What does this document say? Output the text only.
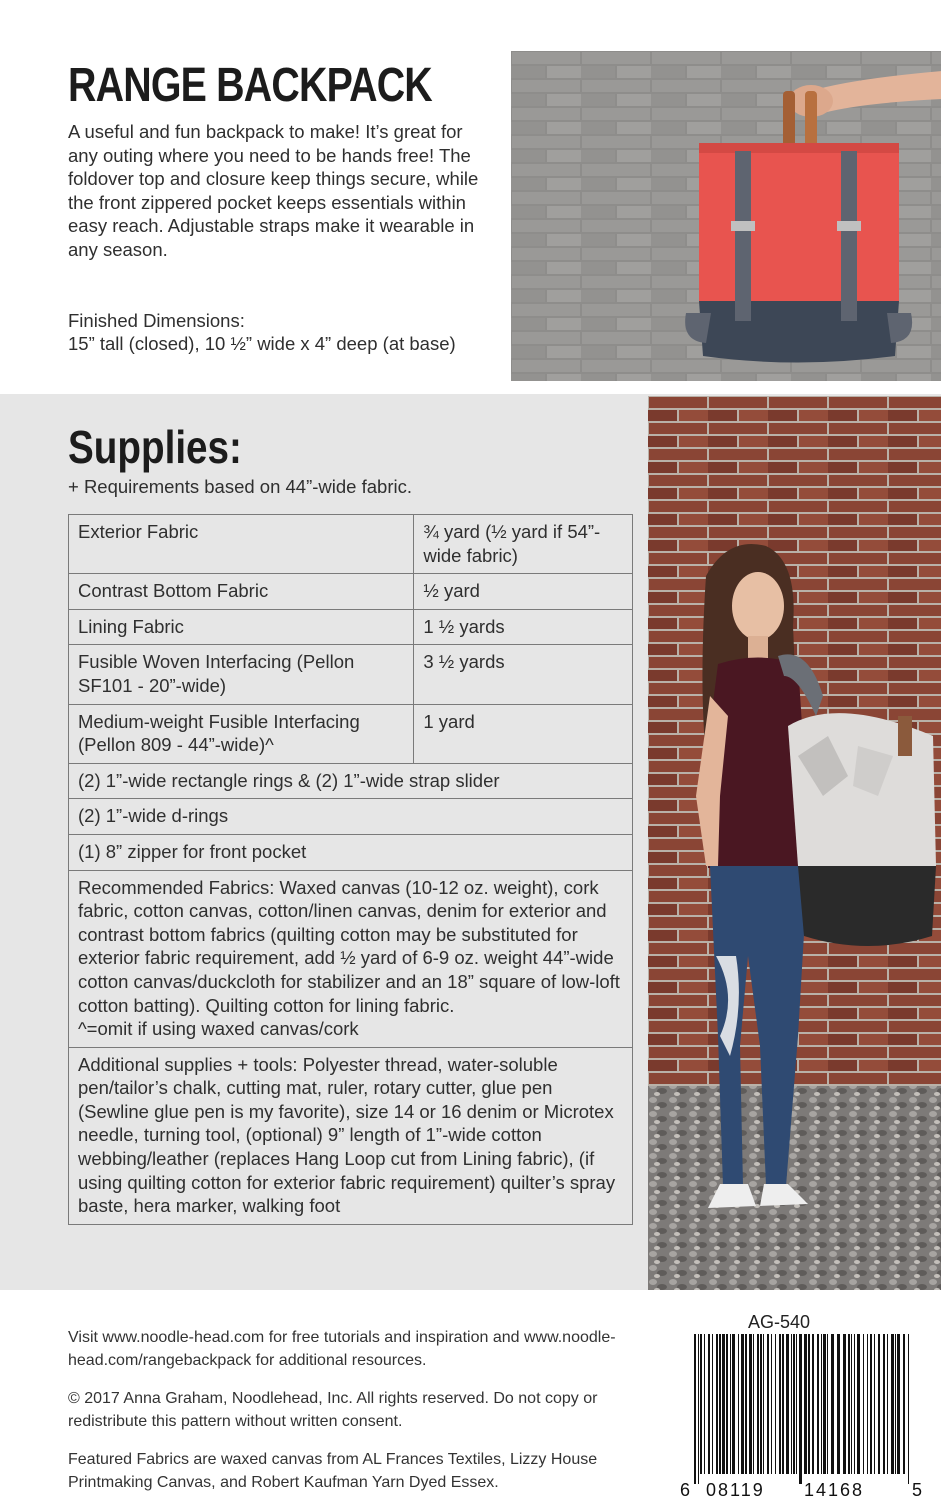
RANGE BACKPACK

A useful and fun backpack to make! It’s great for any outing where you need to be hands free! The foldover top and closure keep things secure, while the front zippered pocket keeps essentials within easy reach. Adjustable straps make it wearable in any season.

Finished Dimensions:

15” tall (closed), 10 ½” wide x 4” deep (at base)

Supplies:

+ Requirements based on 44”-wide fabric.

Exterior Fabric	¾ yard (½ yard if 54”-wide fabric)
Contrast Bottom Fabric	½ yard
Lining Fabric	1 ½ yards
Fusible Woven Interfacing (Pellon SF101 - 20”-wide)	3 ½ yards
Medium-weight Fusible Interfacing (Pellon 809 - 44”-wide)^	1 yard
(2) 1”-wide rectangle rings & (2) 1”-wide strap slider	
(2) 1”-wide d-rings	
(1) 8” zipper for front pocket	

Recommended Fabrics: Waxed canvas (10-12 oz. weight), cork fabric, cotton canvas, cotton/linen canvas, denim for exterior and contrast bottom fabrics (quilting cotton may be substituted for exterior fabric requirement, add ½ yard of 6-9 oz. weight 44”-wide cotton canvas/duckcloth for stabilizer and an 18” square of low-loft cotton batting). Quilting cotton for lining fabric.
^=omit if using waxed canvas/cork	

Additional supplies + tools: Polyester thread, water-soluble pen/tailor’s chalk, cutting mat, ruler, rotary cutter, glue pen (Sewline glue pen is my favorite), size 14 or 16 denim or Microtex needle, turning tool, (optional) 9” length of 1”-wide cotton webbing/leather (replaces Hang Loop cut from Lining fabric), (if using quilting cotton for exterior fabric requirement) quilter’s spray baste, hera marker, walking foot	

Visit www.noodle-head.com for free tutorials and inspiration and www.noodle-head.com/rangebackpack for additional resources.

© 2017 Anna Graham, Noodlehead, Inc. All rights reserved. Do not copy or redistribute this pattern without written consent.

Featured Fabrics are waxed canvas from AL Frances Textiles, Lizzy House Printmaking Canvas, and Robert Kaufman Yarn Dyed Essex.

AG-540
6 08119 14168	5
